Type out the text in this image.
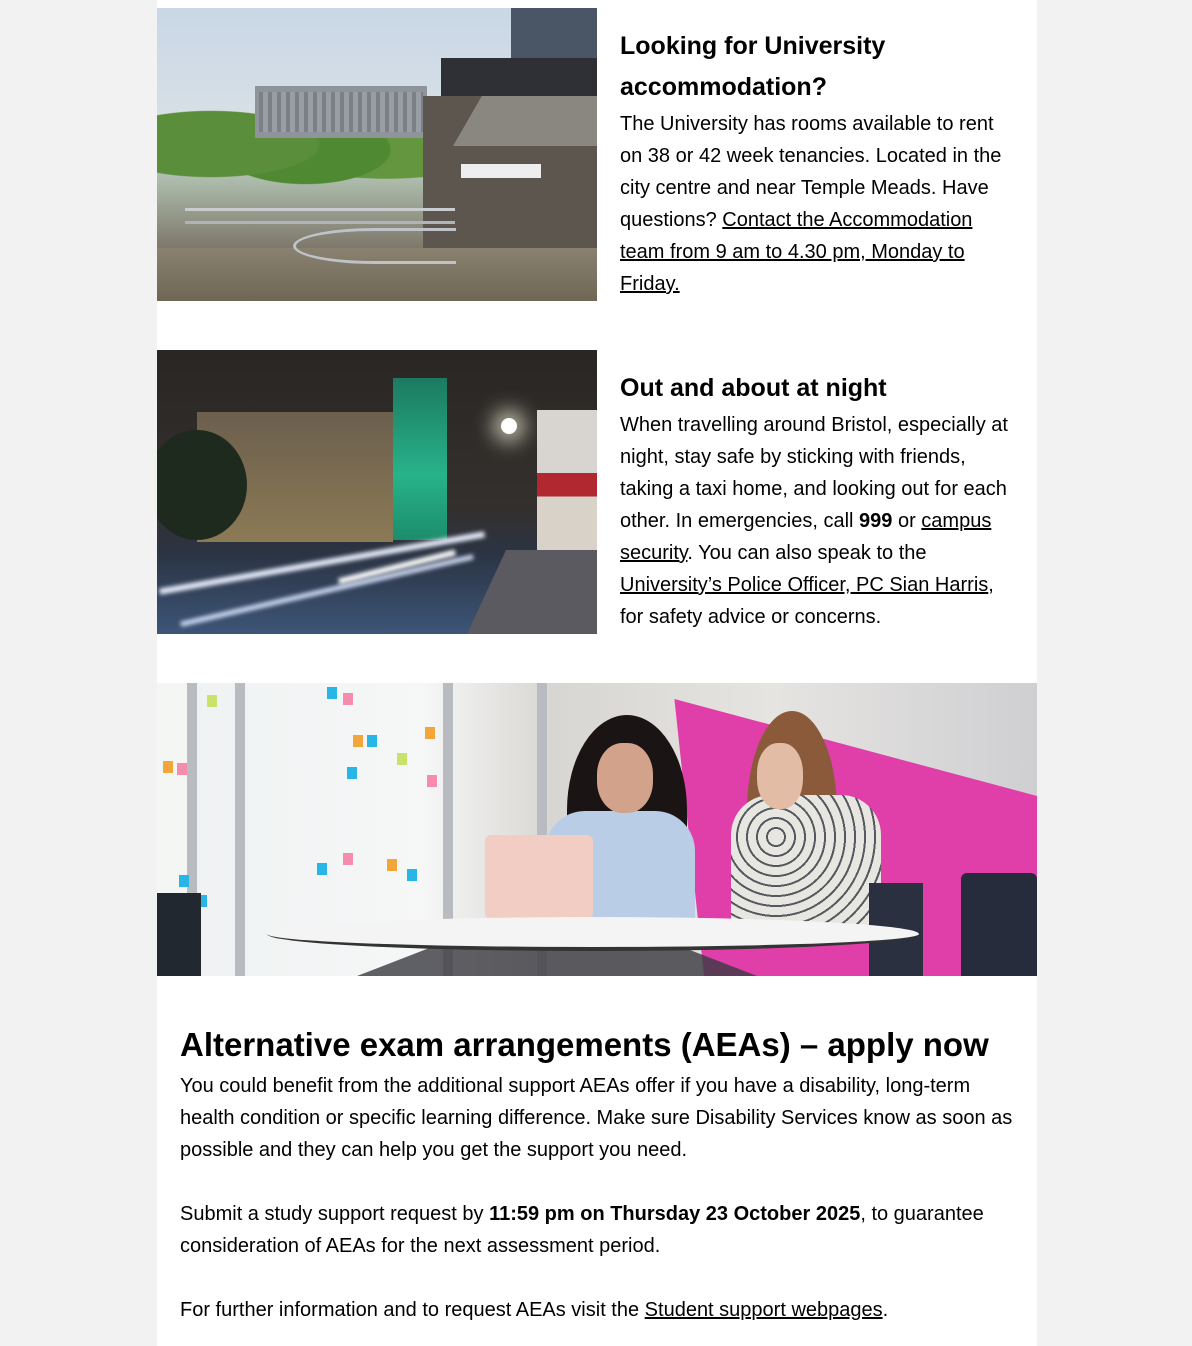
Looking for University accommodation?

The University has rooms available to rent on 38 or 42 week tenancies. Located in the city centre and near Temple Meads. Have questions? Contact the Accommodation team from 9 am to 4.30 pm, Monday to Friday.

Out and about at night

When travelling around Bristol, especially at night, stay safe by sticking with friends, taking a taxi home, and looking out for each other. In emergencies, call 999 or campus security. You can also speak to the University’s Police Officer, PC Sian Harris, for safety advice or concerns.

Alternative exam arrangements (AEAs) – apply now

You could benefit from the additional support AEAs offer if you have a disability, long-term health condition or specific learning difference. Make sure Disability Services know as soon as possible and they can help you get the support you need.

Submit a study support request by 11:59 pm on Thursday 23 October 2025, to guarantee consideration of AEAs for the next assessment period.

For further information and to request AEAs visit the Student support webpages.
